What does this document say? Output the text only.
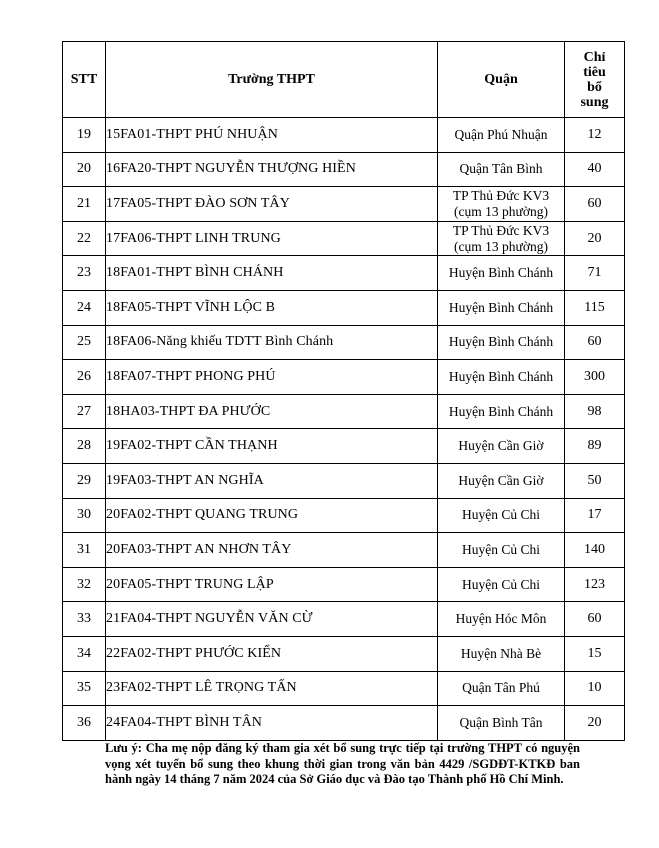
STT	Trường THPT	Quận	Chỉ
tiêu
bổ
sung
19	15FA01-THPT PHÚ NHUẬN	Quận Phú Nhuận	12
20	16FA20-THPT NGUYỄN THƯỢNG HIỀN	Quận Tân Bình	40
21	17FA05-THPT ĐÀO SƠN TÂY	TP Thủ Đức KV3
(cụm 13 phường)	60
22	17FA06-THPT LINH TRUNG	TP Thủ Đức KV3
(cụm 13 phường)	20
23	18FA01-THPT BÌNH CHÁNH	Huyện Bình Chánh	71
24	18FA05-THPT VĨNH LỘC B	Huyện Bình Chánh	115
25	18FA06-Năng khiếu TDTT Bình Chánh	Huyện Bình Chánh	60
26	18FA07-THPT PHONG PHÚ	Huyện Bình Chánh	300
27	18HA03-THPT ĐA PHƯỚC	Huyện Bình Chánh	98
28	19FA02-THPT CẦN THẠNH	Huyện Cần Giờ	89
29	19FA03-THPT AN NGHĨA	Huyện Cần Giờ	50
30	20FA02-THPT QUANG TRUNG	Huyện Củ Chi	17
31	20FA03-THPT AN NHƠN TÂY	Huyện Củ Chi	140
32	20FA05-THPT TRUNG LẬP	Huyện Củ Chi	123
33	21FA04-THPT NGUYỄN VĂN CỪ	Huyện Hóc Môn	60
34	22FA02-THPT PHƯỚC KIỂN	Huyện Nhà Bè	15
35	23FA02-THPT LÊ TRỌNG TẤN	Quận Tân Phú	10
36	24FA04-THPT BÌNH TÂN	Quận Bình Tân	20
Lưu ý: Cha mẹ nộp đăng ký tham gia xét bổ sung trực tiếp tại trường THPT có nguyện vọng xét tuyển bổ sung theo khung thời gian trong văn bản 4429 /SGDĐT-KTKĐ ban hành ngày 14 tháng 7 năm 2024 của Sở Giáo dục và Đào tạo Thành phố Hồ Chí Minh.
